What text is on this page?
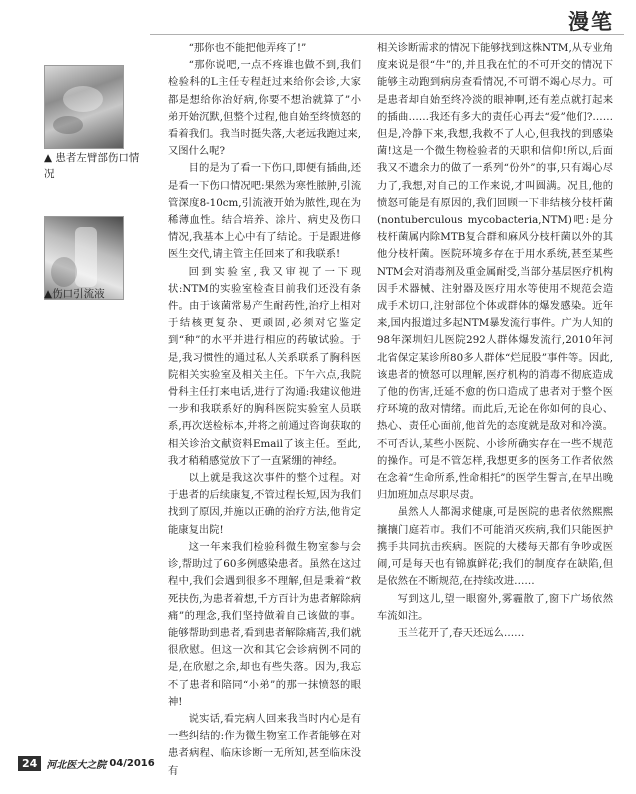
漫笔
▲ 患者左臂部伤口情况
▲伤口引流液

“那你也不能把他弄疼了!”

“那你说吧,一点不疼谁也做不到,我们检验科的L主任专程赶过来给你会诊,大家都是想给你治好病,你要不想治就算了”小弟开始沉默,但整个过程,他自始至终愤怒的看着我们。我当时挺失落,大老远我跑过来,又图什么呢?

目的是为了看一下伤口,即便有插曲,还是看一下伤口情况吧:果然为寒性脓肿,引流管深度8-10cm,引流液开始为脓性,现在为稀薄血性。结合培养、涂片、病史及伤口情况,我基本上心中有了结论。于是跟进修医生交代,请主管主任回来了和我联系!

回到实验室,我又审视了一下现状:NTM的实验室检查目前我们还没有条件。由于该菌常易产生耐药性,治疗上相对于结核更复杂、更顽固,必须对它鉴定到“种”的水平并进行相应的药敏试验。于是,我习惯性的通过私人关系联系了胸科医院相关实验室及相关主任。下午六点,我院骨科主任打来电话,进行了沟通:我建议他进一步和我联系好的胸科医院实验室人员联系,再次送检标本,并将之前通过咨询获取的相关诊治文献资料Email了该主任。至此,我才稍稍感觉放下了一直紧绷的神经。

以上就是我这次事件的整个过程。对于患者的后续康复,不管过程长短,因为我们找到了原因,并施以正确的治疗方法,他肯定能康复出院!

这一年来我们检验科微生物室参与会诊,帮助过了60多例感染患者。虽然在这过程中,我们会遇到很多不理解,但是秉着“救死扶伤,为患者着想,千方百计为患者解除病痛”的理念,我们坚持做着自己该做的事。能够帮助到患者,看到患者解除痛苦,我们就很欣慰。但这一次和其它会诊病例不同的是,在欣慰之余,却也有些失落。因为,我忘不了患者和陪同“小弟”的那一抹愤怒的眼神!

说实话,看完病人回来我当时内心是有一些纠结的:作为微生物室工作者能够在对患者病程、临床诊断一无所知,甚至临床没有

相关诊断需求的情况下能够找到这株NTM,从专业角度来说是很“牛”的,并且我在忙的不可开交的情况下能够主动跑到病房查看情况,不可谓不竭心尽力。可是患者却自始至终冷淡的眼神啊,还有差点就打起来的插曲……我还有多大的责任心再去“爱”他们?……但是,冷静下来,我想,我救不了人心,但我找的到感染菌!这是一个微生物检验者的天职和信仰!所以,后面我又不遗余力的做了一系列“份外”的事,只有竭心尽力了,我想,对自己的工作来说,才叫圆满。况且,他的愤怒可能是有原因的,我们回顾一下非结核分枝杆菌(nontuberculous mycobacteria,NTM)吧:是分枝杆菌属内除MTB复合群和麻风分枝杆菌以外的其他分枝杆菌。医院环境多存在于用水系统,甚至某些NTM会对消毒剂及重金属耐受,当部分基层医疗机构因手术器械、注射器及医疗用水等使用不规范会造成手术切口,注射部位个体或群体的爆发感染。近年来,国内报道过多起NTM暴发流行事件。广为人知的98年深圳妇儿医院292人群体爆发流行,2010年河北省保定某诊所80多人群体“烂屁股”事件等。因此,该患者的愤怒可以理解,医疗机构的消毒不彻底造成了他的伤害,迁延不愈的伤口造成了患者对于整个医疗环境的敌对情绪。而此后,无论在你如何的良心、热心、责任心面前,他首先的态度就是敌对和冷漠。不可否认,某些小医院、小诊所确实存在一些不规范的操作。可是不管怎样,我想更多的医务工作者依然在念着“生命所系,性命相托”的医学生誓言,在早出晚归加班加点尽职尽责。

虽然人人都渴求健康,可是医院的患者依然熙熙攘攘门庭若市。我们不可能消灭疾病,我们只能医护携手共同抗击疾病。医院的大楼每天都有争吵或医闹,可是每天也有锦旗鲜花;我们的制度存在缺陷,但是依然在不断规范,在持续改进……

写到这儿,望一眼窗外,雾霾散了,窗下广场依然车流如注。

玉兰花开了,春天还远么……

24 河北医大之院 04/2016
